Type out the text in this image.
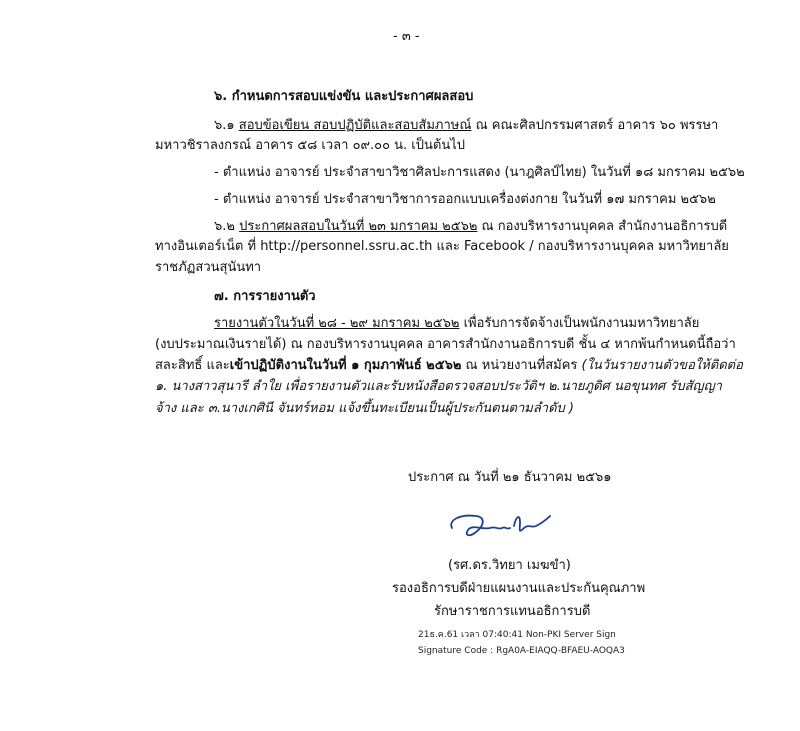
- ๓ -
๖. กำหนดการสอบแข่งขัน และประกาศผลสอบ
๖.๑ สอบข้อเขียน สอบปฏิบัติและสอบสัมภาษณ์ ณ คณะศิลปกรรมศาสตร์ อาคาร ๖๐ พรรษา
มหาวชิราลงกรณ์ อาคาร ๕๘ เวลา ๐๙.๐๐ น. เป็นต้นไป
- ตำแหน่ง อาจารย์ ประจำสาขาวิชาศิลปะการแสดง (นาฎศิลป์ไทย) ในวันที่ ๑๘ มกราคม ๒๕๖๒
- ตำแหน่ง อาจารย์ ประจำสาขาวิชาการออกแบบเครื่องต่งกาย ในวันที่ ๑๗ มกราคม ๒๕๖๒
๖.๒ ประกาศผลสอบในวันที่ ๒๓ มกราคม ๒๕๖๒ ณ กองบริหารงานบุคคล สำนักงานอธิการบดี
ทางอินเตอร์เน็ต ที่ http://personnel.ssru.ac.th และ Facebook / กองบริหารงานบุคคล มหาวิทยาลัย
ราชภัฏสวนสุนันทา
๗. การรายงานตัว
รายงานตัวในวันที่ ๒๘ - ๒๙ มกราคม ๒๕๖๒ เพื่อรับการจัดจ้างเป็นพนักงานมหาวิทยาลัย
(งบประมาณเงินรายได้) ณ กองบริหารงานบุคคล อาคารสำนักงานอธิการบดี ชั้น ๔ หากพ้นกำหนดนี้ถือว่า
สละสิทธิ์ และเข้าปฏิบัติงานในวันที่ ๑ กุมภาพันธ์ ๒๕๖๒ ณ หน่วยงานที่สมัคร (ในวันรายงานตัวขอให้ติดต่อ
๑. นางสาวสุนารี ลำใย เพื่อรายงานตัวและรับหนังสือตรวจสอบประวัติฯ ๒.นายภูดิศ นอขุนทศ รับสัญญา
จ้าง และ ๓.นางเกศินี จันทร์หอม แจ้งขึ้นทะเบียนเป็นผู้ประกันตนตามลำดับ )
ประกาศ ณ วันที่ ๒๑ ธันวาคม ๒๕๖๑
(รศ.ดร.วิทยา เมฆขำ)
รองอธิการบดีฝ่ายแผนงานและประกันคุณภาพ
รักษาราชการแทนอธิการบดี
21ธ.ค.61 เวลา 07:40:41 Non-PKI Server Sign
Signature Code : RgA0A-EIAQQ-BFAEU-AOQA3
